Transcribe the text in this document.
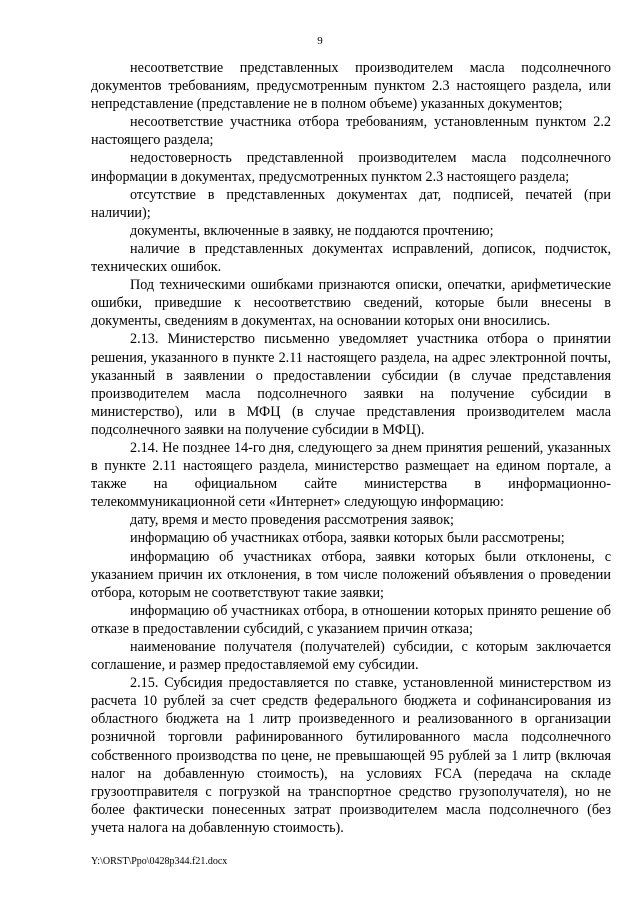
9

несоответствие представленных производителем масла подсолнечного документов требованиям, предусмотренным пунктом 2.3 настоящего раздела, или непредставление (представление не в полном объеме) указанных документов;

несоответствие участника отбора требованиям, установленным пунктом 2.2 настоящего раздела;

недостоверность представленной производителем масла подсолнечного информации в документах, предусмотренных пунктом 2.3 настоящего раздела;

отсутствие в представленных документах дат, подписей, печатей (при наличии);

документы, включенные в заявку, не поддаются прочтению;

наличие в представленных документах исправлений, дописок, подчисток, технических ошибок.

Под техническими ошибками признаются описки, опечатки, арифметические ошибки, приведшие к несоответствию сведений, которые были внесены в документы, сведениям в документах, на основании которых они вносились.

2.13. Министерство письменно уведомляет участника отбора о принятии решения, указанного в пункте 2.11 настоящего раздела, на адрес электронной почты, указанный в заявлении о предоставлении субсидии (в случае представления производителем масла подсолнечного заявки на получение субсидии в министерство), или в МФЦ (в случае представления производителем масла подсолнечного заявки на получение субсидии в МФЦ).

2.14. Не позднее 14-го дня, следующего за днем принятия решений, указанных в пункте 2.11 настоящего раздела, министерство размещает на едином портале, а также на официальном сайте министерства в информационно-телекоммуникационной сети «Интернет» следующую информацию:

дату, время и место проведения рассмотрения заявок;

информацию об участниках отбора, заявки которых были рассмотрены;

информацию об участниках отбора, заявки которых были отклонены, с указанием причин их отклонения, в том числе положений объявления о проведении отбора, которым не соответствуют такие заявки;

информацию об участниках отбора, в отношении которых принято решение об отказе в предоставлении субсидий, с указанием причин отказа;

наименование получателя (получателей) субсидии, с которым заключается соглашение, и размер предоставляемой ему субсидии.

2.15. Субсидия предоставляется по ставке, установленной министерством из расчета 10 рублей за счет средств федерального бюджета и софинансирования из областного бюджета на 1 литр произведенного и реализованного в организации розничной торговли рафинированного бутилированного масла подсолнечного собственного производства по цене, не превышающей 95 рублей за 1 литр (включая налог на добавленную стоимость), на условиях FCA (передача на складе грузоотправителя с погрузкой на транспортное средство грузополучателя), но не более фактически понесенных затрат производителем масла подсолнечного (без учета налога на добавленную стоимость).

Y:\ORST\Ppo\0428p344.f21.docx
